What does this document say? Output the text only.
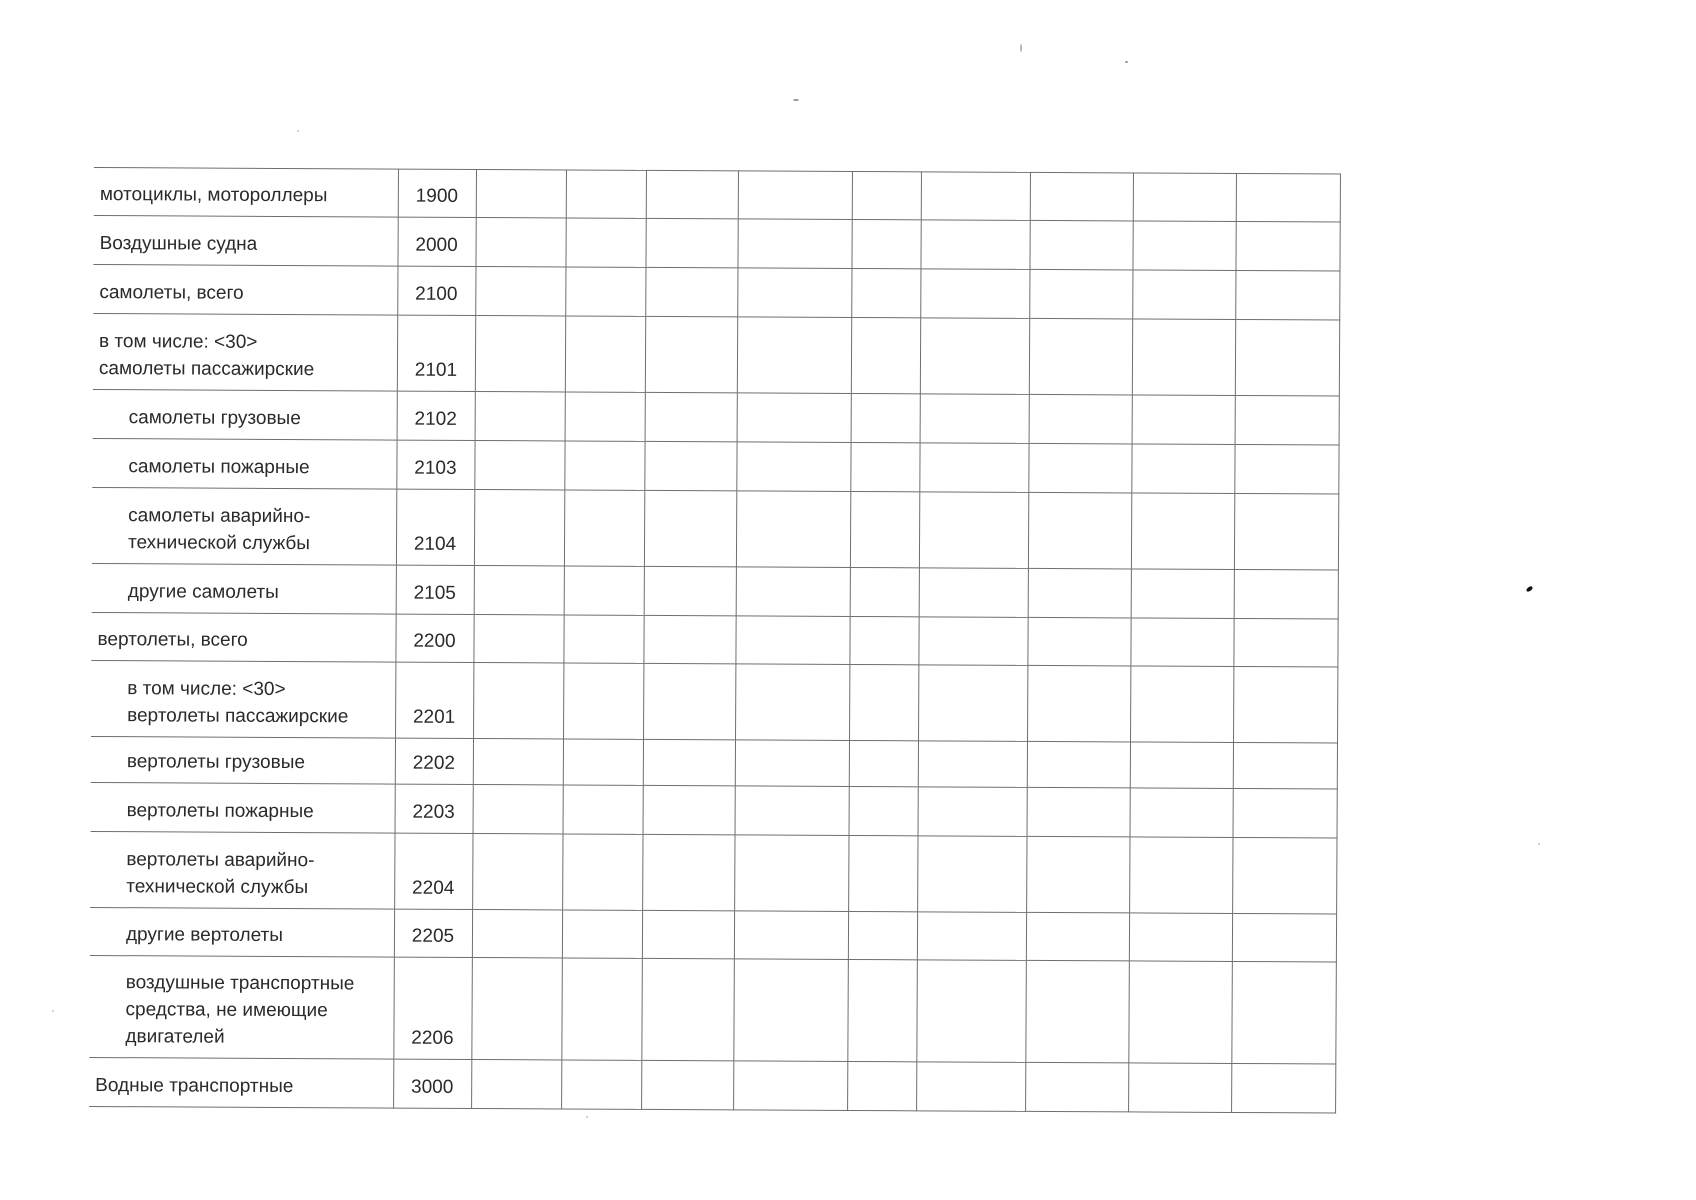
мотоциклы, мотороллеры	1900									

Воздушные судна	2000									

самолеты, всего	2100									

в том числе: <30>
самолеты пассажирские	2101									

самолеты грузовые	2102									

самолеты пожарные	2103									

самолеты аварийно-
технической службы	2104									

другие самолеты	2105									

вертолеты, всего	2200									

в том числе: <30>
вертолеты пассажирские	2201									

вертолеты грузовые	2202									

вертолеты пожарные	2203									

вертолеты аварийно-
технической службы	2204									

другие вертолеты	2205									

воздушные транспортные
средства, не имеющие
двигателей	2206									

Водные транспортные	3000									
